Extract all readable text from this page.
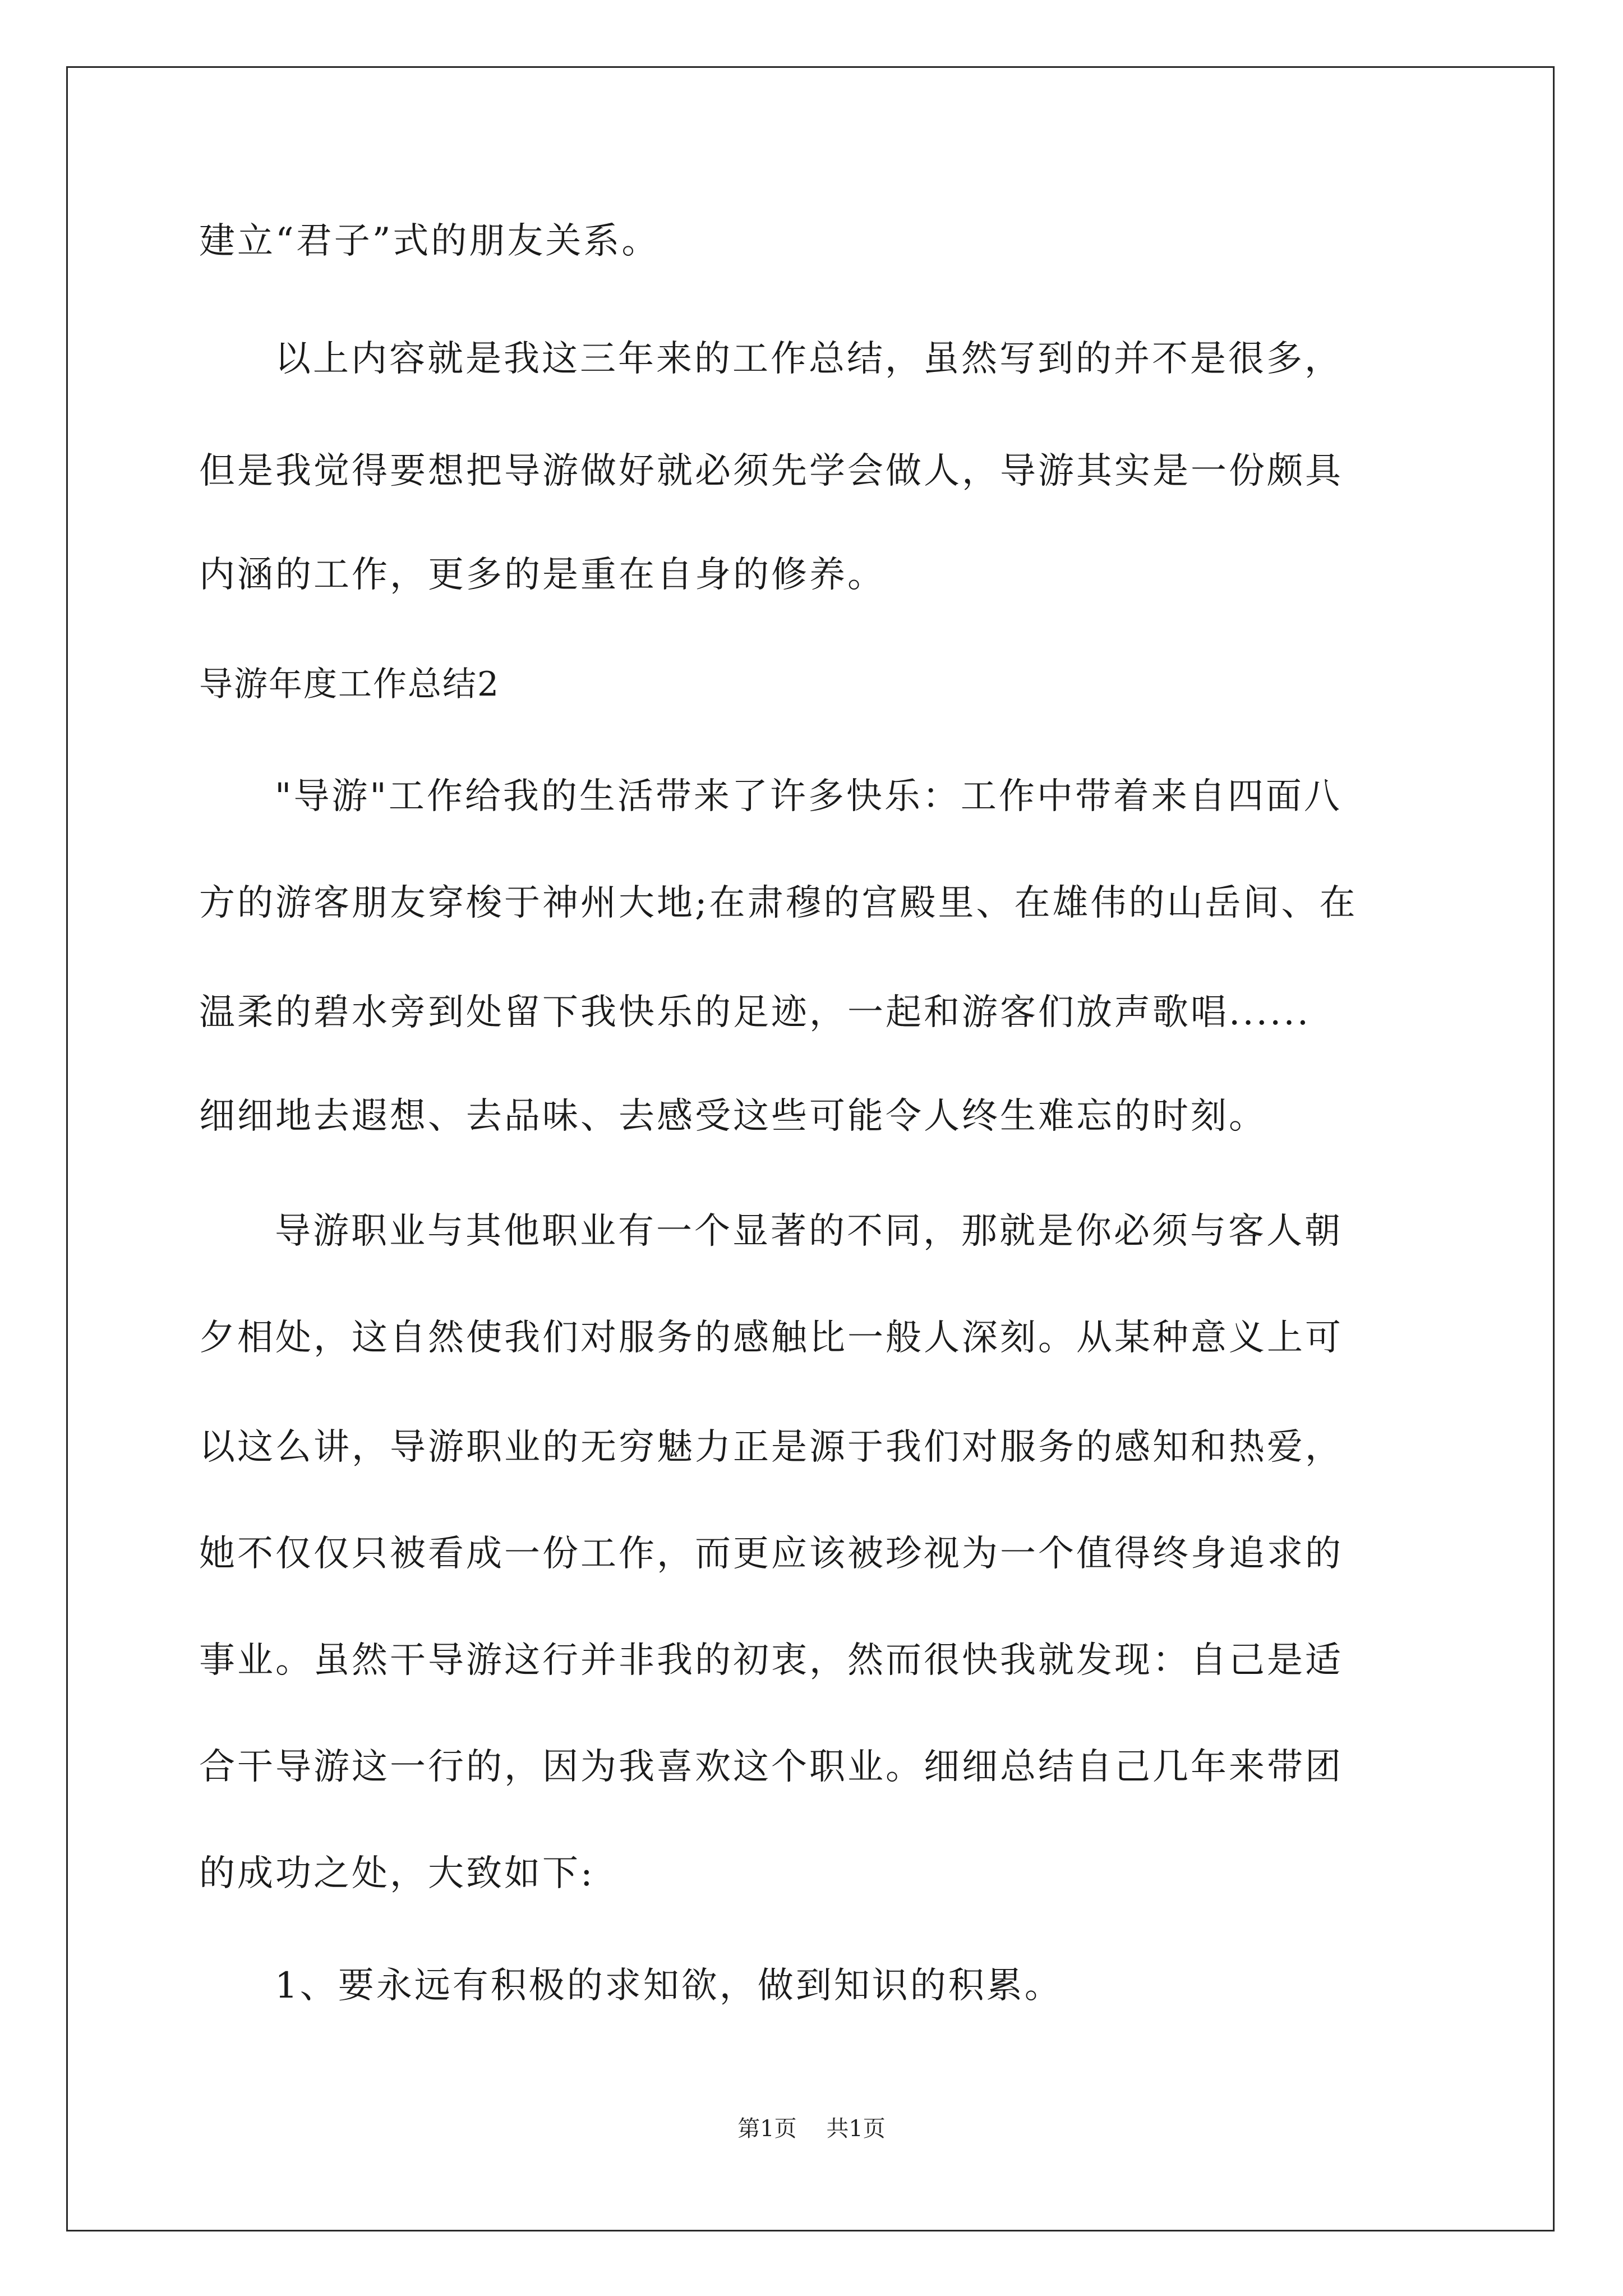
建立“君子”式的朋友关系。
以上内容就是我这三年来的工作总结，虽然写到的并不是很多，
但是我觉得要想把导游做好就必须先学会做人，导游其实是一份颇具
内涵的工作，更多的是重在自身的修养。
导游年度工作总结2
"导游"工作给我的生活带来了许多快乐：工作中带着来自四面八
方的游客朋友穿梭于神州大地;在肃穆的宫殿里、在雄伟的山岳间、在
温柔的碧水旁到处留下我快乐的足迹，一起和游客们放声歌唱......
细细地去遐想、去品味、去感受这些可能令人终生难忘的时刻。
导游职业与其他职业有一个显著的不同，那就是你必须与客人朝
夕相处，这自然使我们对服务的感触比一般人深刻。从某种意义上可
以这么讲，导游职业的无穷魅力正是源于我们对服务的感知和热爱，
她不仅仅只被看成一份工作，而更应该被珍视为一个值得终身追求的
事业。虽然干导游这行并非我的初衷，然而很快我就发现：自己是适
合干导游这一行的，因为我喜欢这个职业。细细总结自己几年来带团
的成功之处，大致如下:
1、要永远有积极的求知欲，做到知识的积累。
第1页 共1页
